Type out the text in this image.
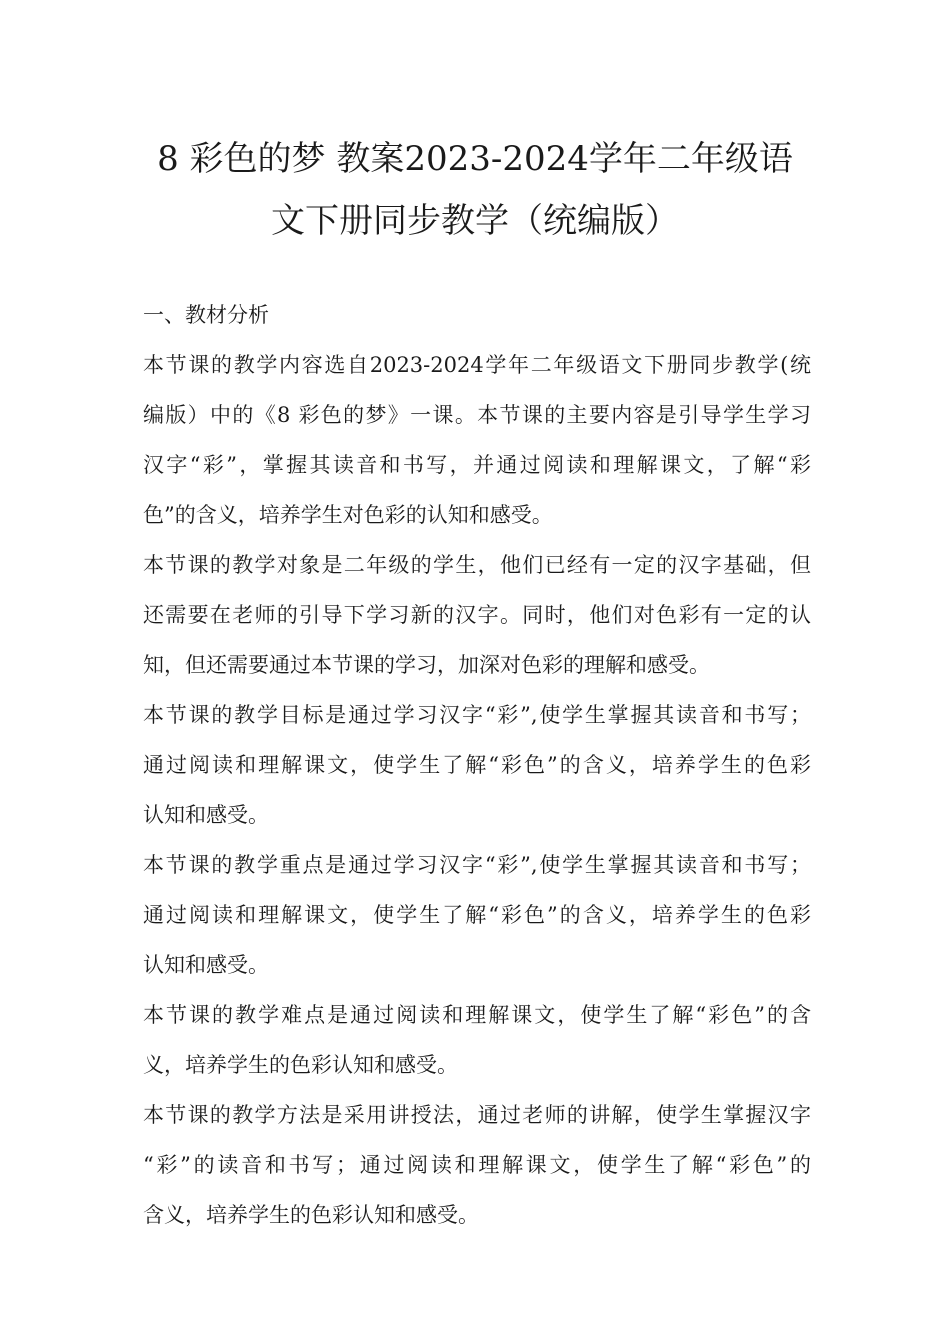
8 彩色的梦 教案2023-2024学年二年级语
文下册同步教学（统编版）
一、教材分析

本节课的教学内容选自2023-2024学年二年级语文下册同步教学(统
编版）中的《8 彩色的梦》一课。本节课的主要内容是引导学生学习
汉字“彩”，掌握其读音和书写，并通过阅读和理解课文，了解“彩
色”的含义，培养学生对色彩的认知和感受。

本节课的教学对象是二年级的学生，他们已经有一定的汉字基础，但
还需要在老师的引导下学习新的汉字。同时，他们对色彩有一定的认
知，但还需要通过本节课的学习，加深对色彩的理解和感受。

本节课的教学目标是通过学习汉字“彩”,使学生掌握其读音和书写；
通过阅读和理解课文，使学生了解“彩色”的含义，培养学生的色彩
认知和感受。

本节课的教学重点是通过学习汉字“彩”,使学生掌握其读音和书写；
通过阅读和理解课文，使学生了解“彩色”的含义，培养学生的色彩
认知和感受。

本节课的教学难点是通过阅读和理解课文，使学生了解“彩色”的含
义，培养学生的色彩认知和感受。

本节课的教学方法是采用讲授法，通过老师的讲解，使学生掌握汉字
“彩”的读音和书写；通过阅读和理解课文，使学生了解“彩色”的
含义，培养学生的色彩认知和感受。
